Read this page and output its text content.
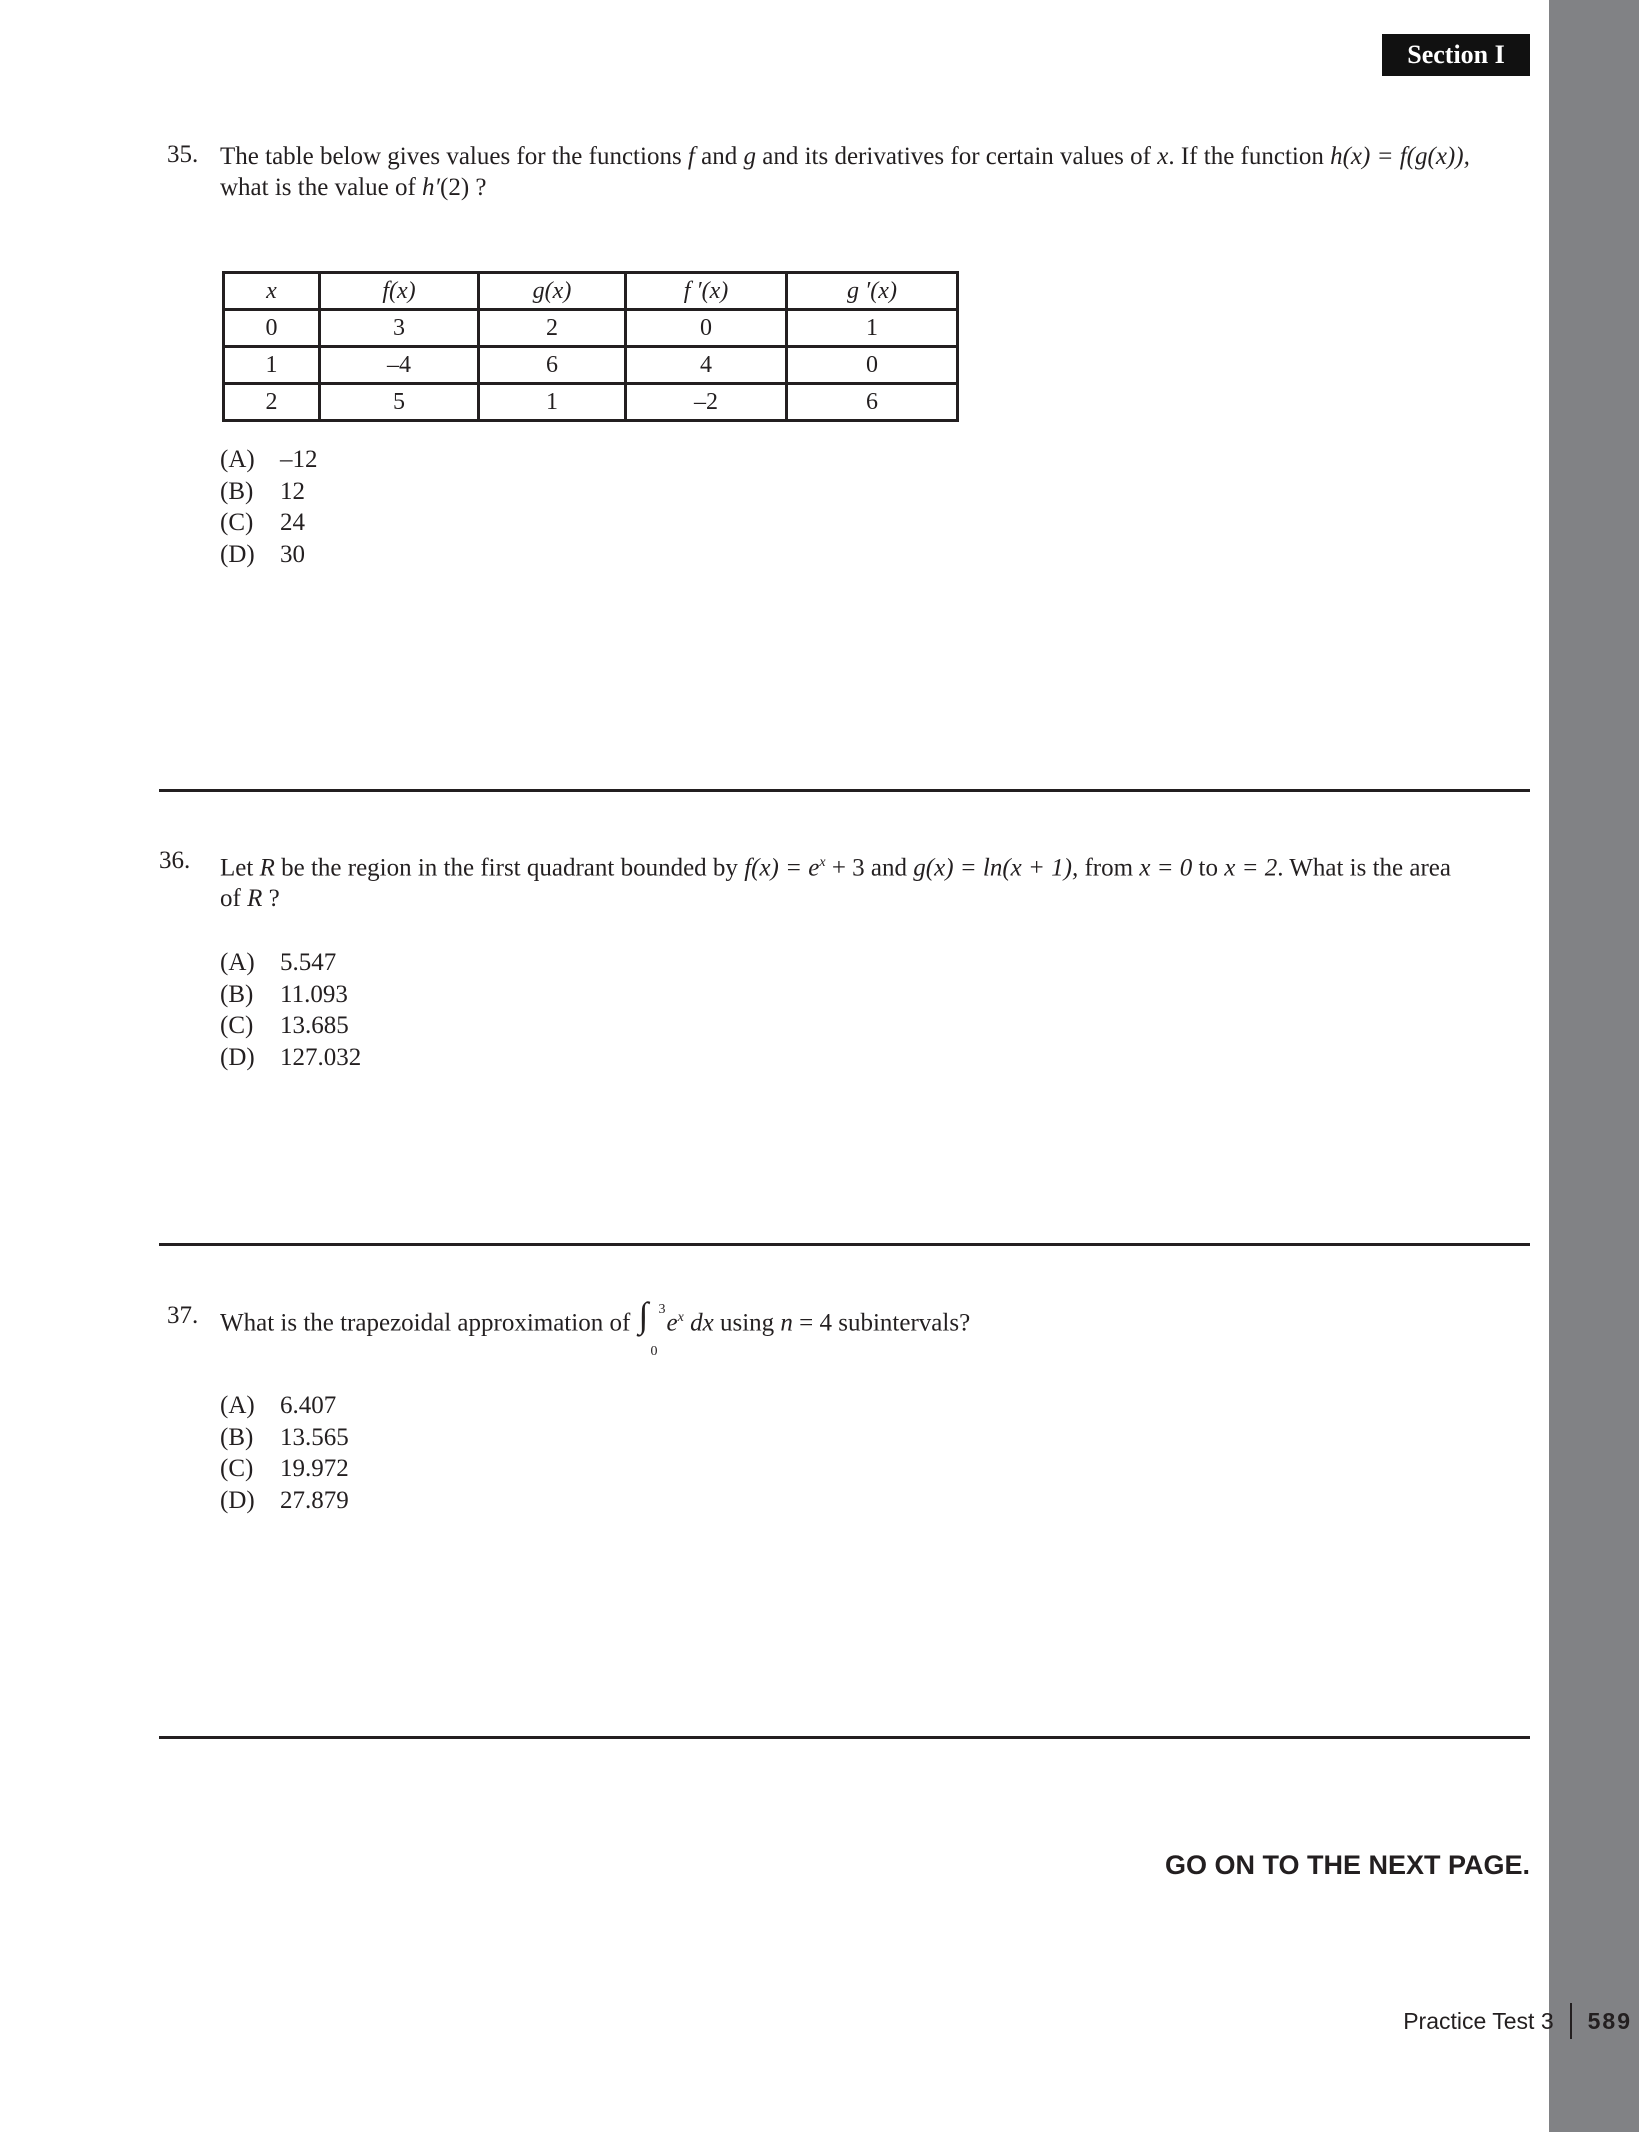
Section I
35. The table below gives values for the functions f and g and its derivatives for certain values of x. If the function h(x) = f(g(x)),
what is the value of h′(2) ?
x	f(x)	g(x)	f ′(x)	g ′(x)
0	3	2	0	1
1	–4	6	4	0
2	5	1	–2	6
(A)	–12
(B)	12
(C)	24
(D)	30
36.	Let R be the region in the first quadrant bounded by $f(x) = e^x + 3$ and g(x) = ln(x + 1), from x = 0 to x = 2. What is the area
of R ?
(A)	5.547
(B)	11.093
(C)	13.685
(D)	127.032
37. What is the trapezoidal approximation of ∫ 3
0
$e^x$ dx using n = 4 subintervals?
(A)	6.407
(B)	13.565
(C)	19.972
(D)	27.879
GO ON TO THE NEXT PAGE.
Practice Test 3 589
